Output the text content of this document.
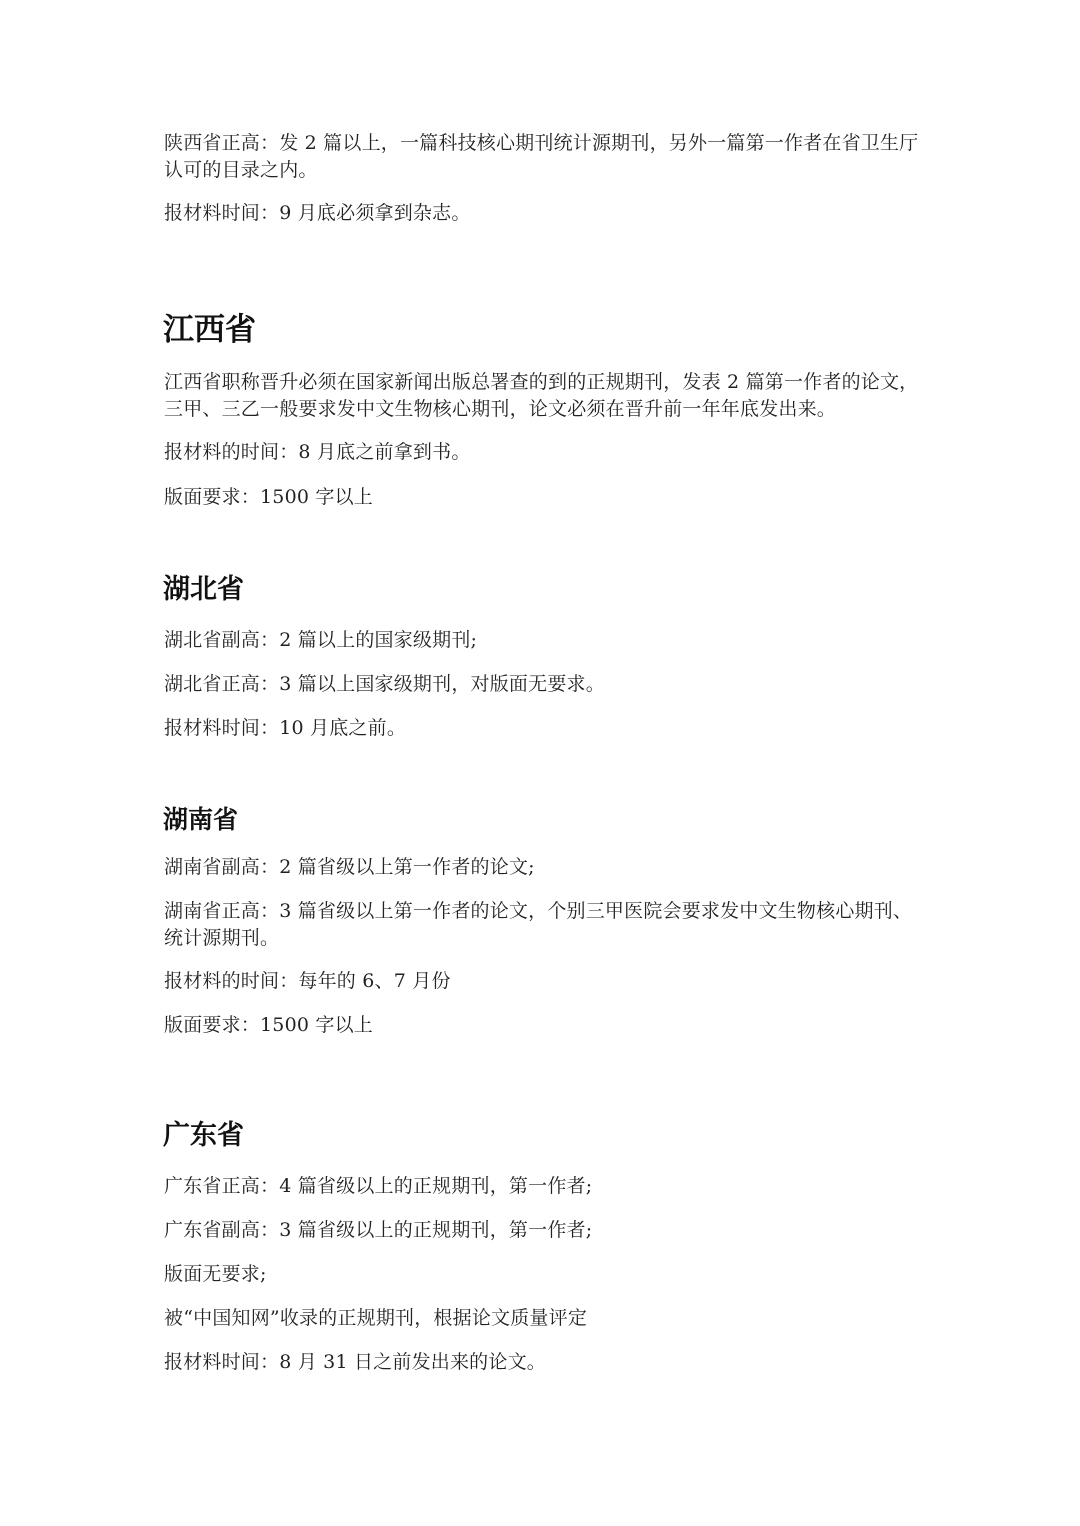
陕西省正高：发 2 篇以上，一篇科技核心期刊统计源期刊，另外一篇第一作者在省卫生厅认可的目录之内。

报材料时间：9 月底必须拿到杂志。

江西省

江西省职称晋升必须在国家新闻出版总署查的到的正规期刊，发表 2 篇第一作者的论文，三甲、三乙一般要求发中文生物核心期刊，论文必须在晋升前一年年底发出来。

报材料的时间：8 月底之前拿到书。

版面要求：1500 字以上

湖北省

湖北省副高：2 篇以上的国家级期刊;

湖北省正高：3 篇以上国家级期刊，对版面无要求。

报材料时间：10 月底之前。

湖南省

湖南省副高：2 篇省级以上第一作者的论文;

湖南省正高：3 篇省级以上第一作者的论文，个别三甲医院会要求发中文生物核心期刊、统计源期刊。

报材料的时间：每年的 6、7 月份

版面要求：1500 字以上

广东省

广东省正高：4 篇省级以上的正规期刊，第一作者;

广东省副高：3 篇省级以上的正规期刊，第一作者;

版面无要求;

被“中国知网”收录的正规期刊，根据论文质量评定

报材料时间：8 月 31 日之前发出来的论文。
